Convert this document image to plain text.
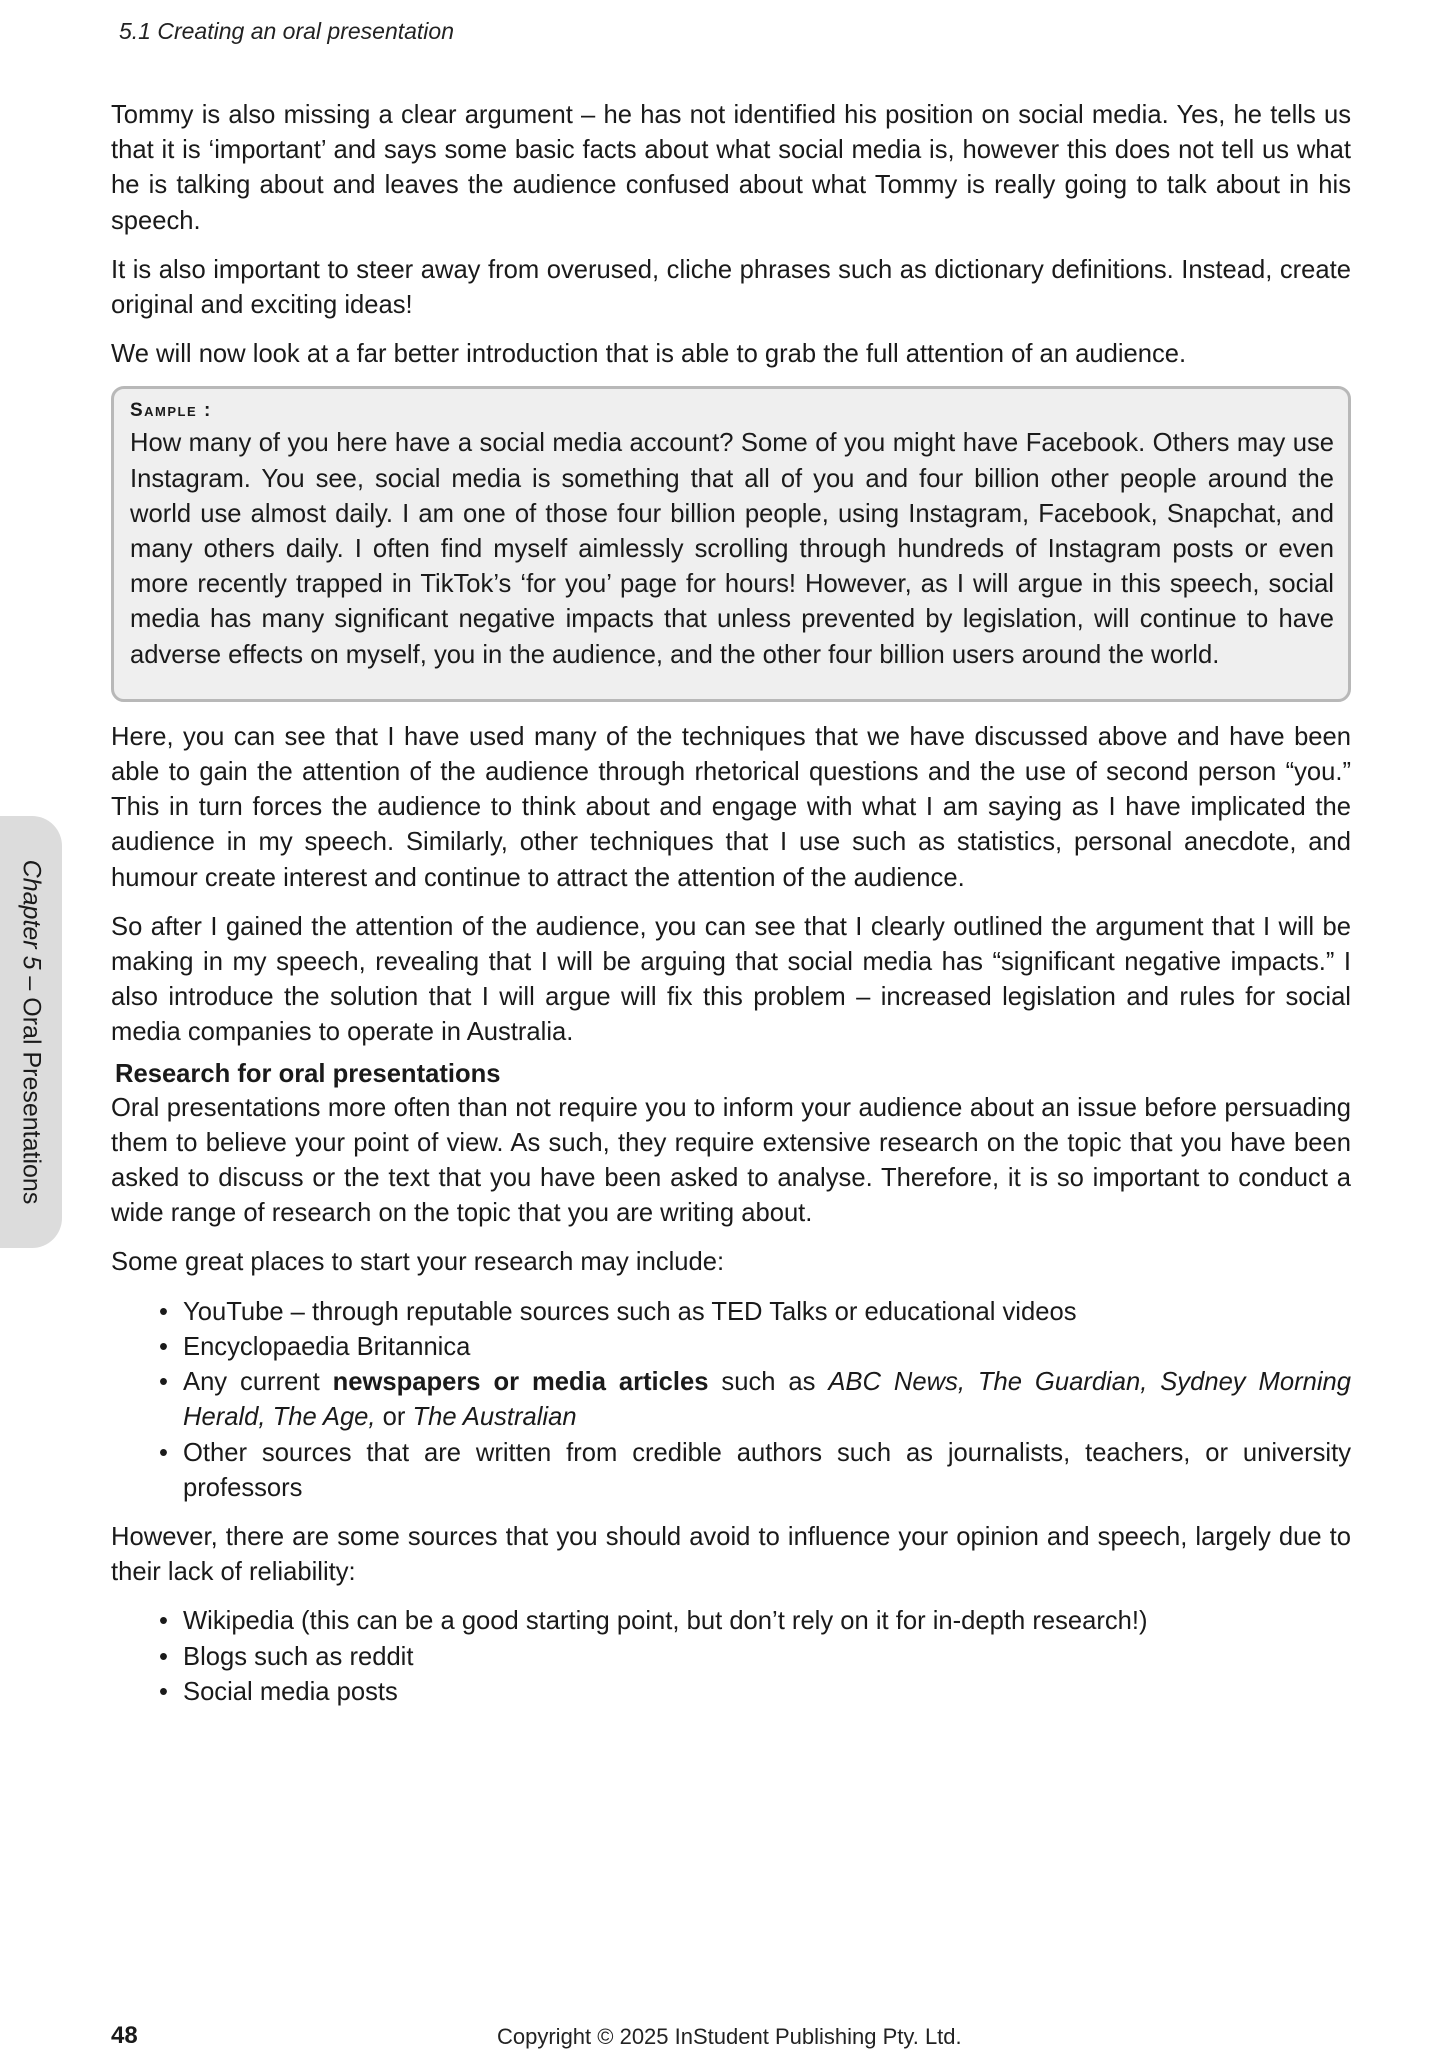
5.1 Creating an oral presentation
Chapter 5 – Oral Presentations

Tommy is also missing a clear argument – he has not identified his position on social media. Yes, he tells us that it is ‘important’ and says some basic facts about what social media is, however this does not tell us what he is talking about and leaves the audience confused about what Tommy is really going to talk about in his speech.

It is also important to steer away from overused, cliche phrases such as dictionary definitions. Instead, create original and exciting ideas!

We will now look at a far better introduction that is able to grab the full attention of an audience.

Sample :

How many of you here have a social media account? Some of you might have Facebook. Others may use Instagram. You see, social media is something that all of you and four billion other people around the world use almost daily. I am one of those four billion people, using Instagram, Facebook, Snapchat, and many others daily. I often find myself aimlessly scrolling through hundreds of Instagram posts or even more recently trapped in TikTok’s ‘for you’ page for hours! However, as I will argue in this speech, social media has many significant negative impacts that unless prevented by legislation, will continue to have adverse effects on myself, you in the audience, and the other four billion users around the world.

Here, you can see that I have used many of the techniques that we have discussed above and have been able to gain the attention of the audience through rhetorical questions and the use of second person “you.” This in turn forces the audience to think about and engage with what I am saying as I have implicated the audience in my speech. Similarly, other techniques that I use such as statistics, personal anecdote, and humour create interest and continue to attract the attention of the audience.

So after I gained the attention of the audience, you can see that I clearly outlined the argument that I will be making in my speech, revealing that I will be arguing that social media has “significant negative impacts.” I also introduce the solution that I will argue will fix this problem – increased legislation and rules for social media companies to operate in Australia.

Research for oral presentations

Oral presentations more often than not require you to inform your audience about an issue before persuading them to believe your point of view. As such, they require extensive research on the topic that you have been asked to discuss or the text that you have been asked to analyse. Therefore, it is so important to conduct a wide range of research on the topic that you are writing about.

Some great places to start your research may include:

• YouTube – through reputable sources such as TED Talks or educational videos
• Encyclopaedia Britannica
• Any current newspapers or media articles such as ABC News, The Guardian, Sydney Morning Herald, The Age, or The Australian
• Other sources that are written from credible authors such as journalists, teachers, or university professors

However, there are some sources that you should avoid to influence your opinion and speech, largely due to their lack of reliability:

• Wikipedia (this can be a good starting point, but don’t rely on it for in-depth research!)
• Blogs such as reddit
• Social media posts
48	Copyright © 2025 InStudent Publishing Pty. Ltd.
